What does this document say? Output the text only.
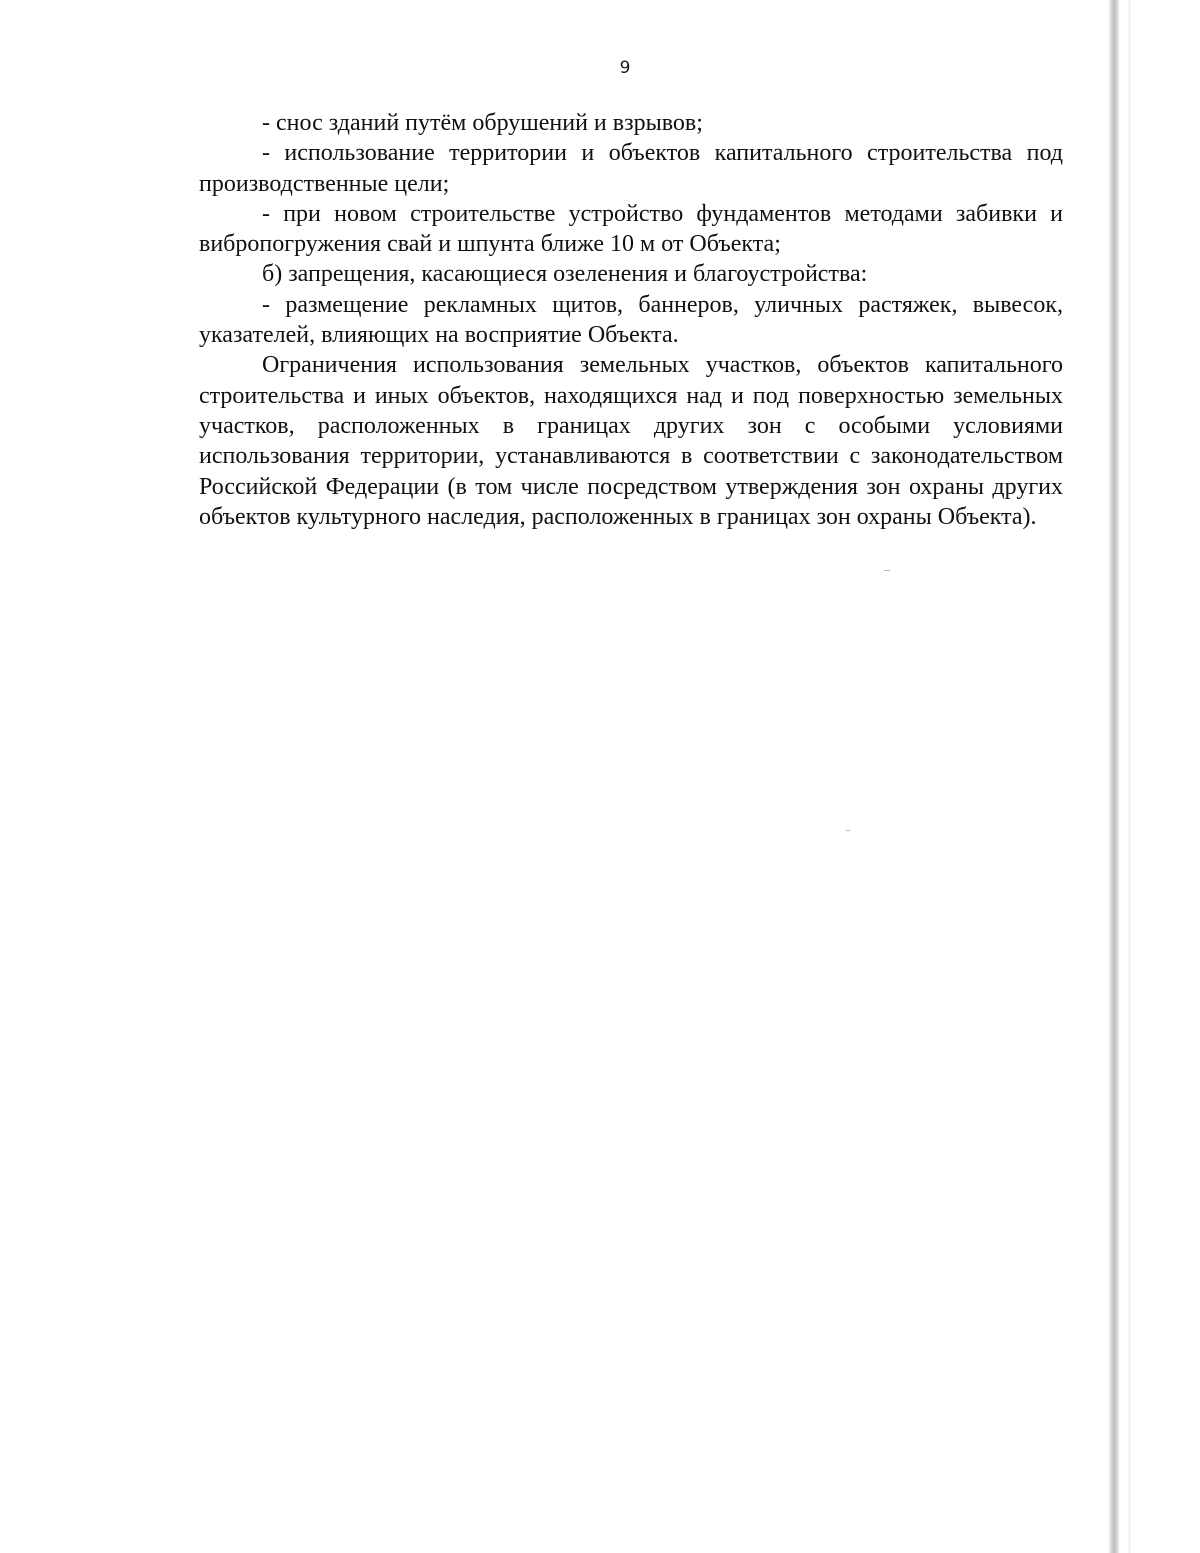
9

- снос зданий путём обрушений и взрывов;

- использование территории и объектов капитального строительства под производственные цели;

- при новом строительстве устройство фундаментов методами забивки и вибропогружения свай и шпунта ближе 10 м от Объекта;

б) запрещения, касающиеся озеленения и благоустройства:

- размещение рекламных щитов, баннеров, уличных растяжек, вывесок, указателей, влияющих на восприятие Объекта.

Ограничения использования земельных участков, объектов капитального строительства и иных объектов, находящихся над и под поверхностью земельных участков, расположенных в границах других зон с особыми условиями использования территории, устанавливаются в соответствии с законодательством Российской Федерации (в том числе посредством утверждения зон охраны других объектов культурного наследия, расположенных в границах зон охраны Объекта).
